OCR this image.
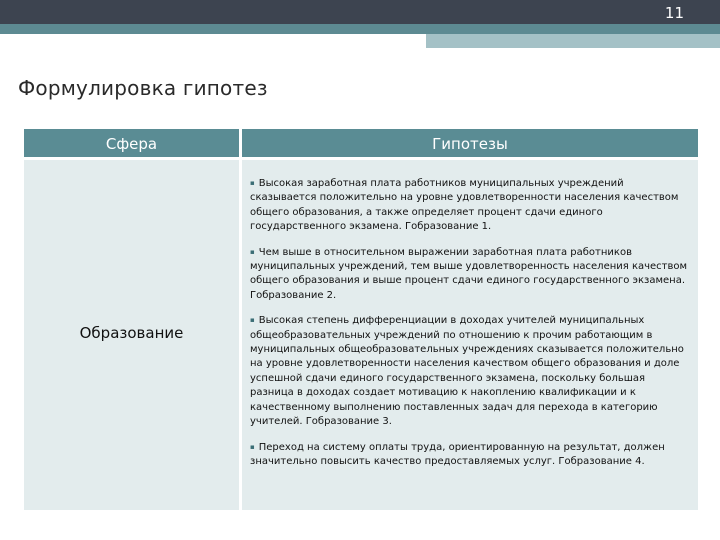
11
Формулировка гипотез
Сфера	Гипотезы
Образование
▪ Высокая заработная плата работников муниципальных учреждений сказывается положительно на уровне удовлетворенности населения качеством общего образования, а также определяет процент сдачи единого государственного экзамена. Гобразование 1.
▪ Чем выше в относительном выражении заработная плата работников муниципальных учреждений, тем выше удовлетворенность населения качеством общего образования и выше процент сдачи единого государственного экзамена. Гобразование 2.
▪ Высокая степень дифференциации в доходах учителей муниципальных общеобразовательных учреждений по отношению к прочим работающим в муниципальных общеобразовательных учреждениях сказывается положительно на уровне удовлетворенности населения качеством общего образования и доле успешной сдачи единого государственного экзамена, поскольку большая разница в доходах создает мотивацию к накоплению квалификации и к качественному выполнению поставленных задач для перехода в категорию учителей. Гобразование 3.
▪ Переход на систему оплаты труда, ориентированную на результат, должен значительно повысить качество предоставляемых услуг. Гобразование 4.
